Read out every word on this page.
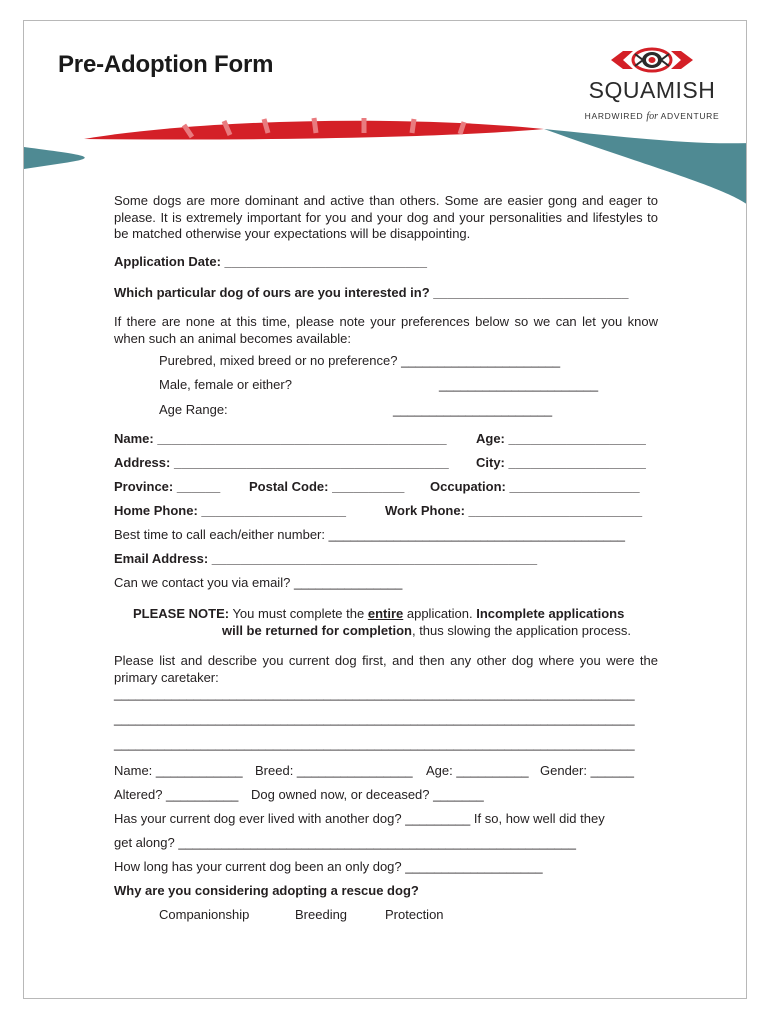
Pre-Adoption Form
SQUAMISH
HARDWIRED for ADVENTURE
Some dogs are more dominant and active than others. Some are easier gong and eager to please. It is extremely important for you and your dog and your personalities and lifestyles to be matched otherwise your expectations will be disappointing.
Application Date: ____________________________
Which particular dog of ours are you interested in? ___________________________
If there are none at this time, please note your preferences below so we can let you know when such an animal becomes available:
Purebred, mixed breed or no preference? ______________________
Male, female or either?	______________________
Age Range:	______________________
Name: ________________________________________ Age: ___________________
Address: ______________________________________ City: ___________________
Province: ______ Postal Code: __________ Occupation: __________________
Home Phone: ____________________	Work Phone: ________________________
Best time to call each/either number: _________________________________________
Email Address: _____________________________________________
Can we contact you via email? _______________
PLEASE NOTE: You must complete the entire application. Incomplete applications
will be returned for completion, thus slowing the application process.
Please list and describe you current dog first, and then any other dog where you were the primary caretaker:
________________________________________________________________________
________________________________________________________________________
________________________________________________________________________
Name: ____________ Breed: ________________ Age: __________ Gender: ______
Altered? __________ Dog owned now, or deceased? _______
Has your current dog ever lived with another dog? _________ If so, how well did they
get along? _______________________________________________________
How long has your current dog been an only dog? ___________________
Why are you considering adopting a rescue dog?
Companionship	Breeding	Protection
